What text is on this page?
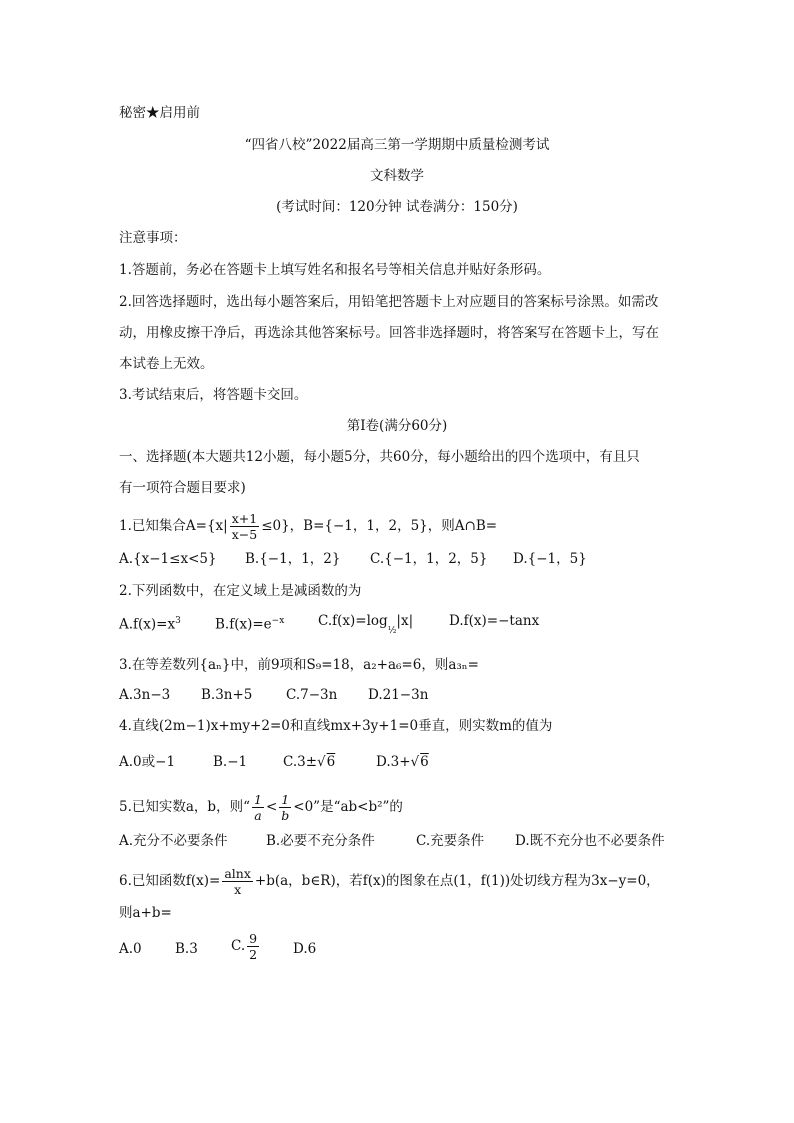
秘密★启用前
“四省八校”2022届高三第一学期期中质量检测考试
文科数学
(考试时间：120分钟 试卷满分：150分)
注意事项：
1.答题前，务必在答题卡上填写姓名和报名号等相关信息并贴好条形码。
2.回答选择题时，选出每小题答案后，用铅笔把答题卡上对应题目的答案标号涂黑。如需改
动，用橡皮擦干净后，再选涂其他答案标号。回答非选择题时，将答案写在答题卡上，写在
本试卷上无效。
3.考试结束后，将答题卡交回。
第Ⅰ卷(满分60分)
一、选择题(本大题共12小题，每小题5分，共60分，每小题给出的四个选项中，有且只
有一项符合题目要求)
1.已知集合$A=\{x| \frac{x+1}{x-5} \le 0\}$，B={−1，1，2，5}，则A∩B=
A.{x−1≤x<5} B.{−1，1，2} C.{−1，1，2，5} D.{−1，5}
2.下列函数中，在定义域上是减函数的为
$A.f(x)=x^3$	$B.f(x)=e^{-x}$ $C.f(x)=\log_{\frac{1}{2}}|x|$	D.f(x)=−tanx
3.在等差数列{aₙ}中，前9项和S₉=18，a₂+a₆=6，则a₃ₙ=
A.3n−3 B.3n+5 C.7−3n D.21−3n
4.直线(2m−1)x+my+2=0和直线mx+3y+1=0垂直，则实数m的值为
A.0或−1	B.−1	C.3±√6	D.3+√6
5.已知实数a，b，则“ $\frac{1}{a} < \frac{1}{b} <0$”是“ab<b²”的
A.充分不必要条件	B.必要不充分条件	C.充要条件 D.既不充分也不必要条件
6.已知函数$f(x)= \frac{alnx}{x} +b(a$，b∈R)，若f(x)的图象在点(1，f(1))处切线方程为3x−y=0，
则a+b=
A.0 B.3 C. $\frac{9}{2}$	D.6
